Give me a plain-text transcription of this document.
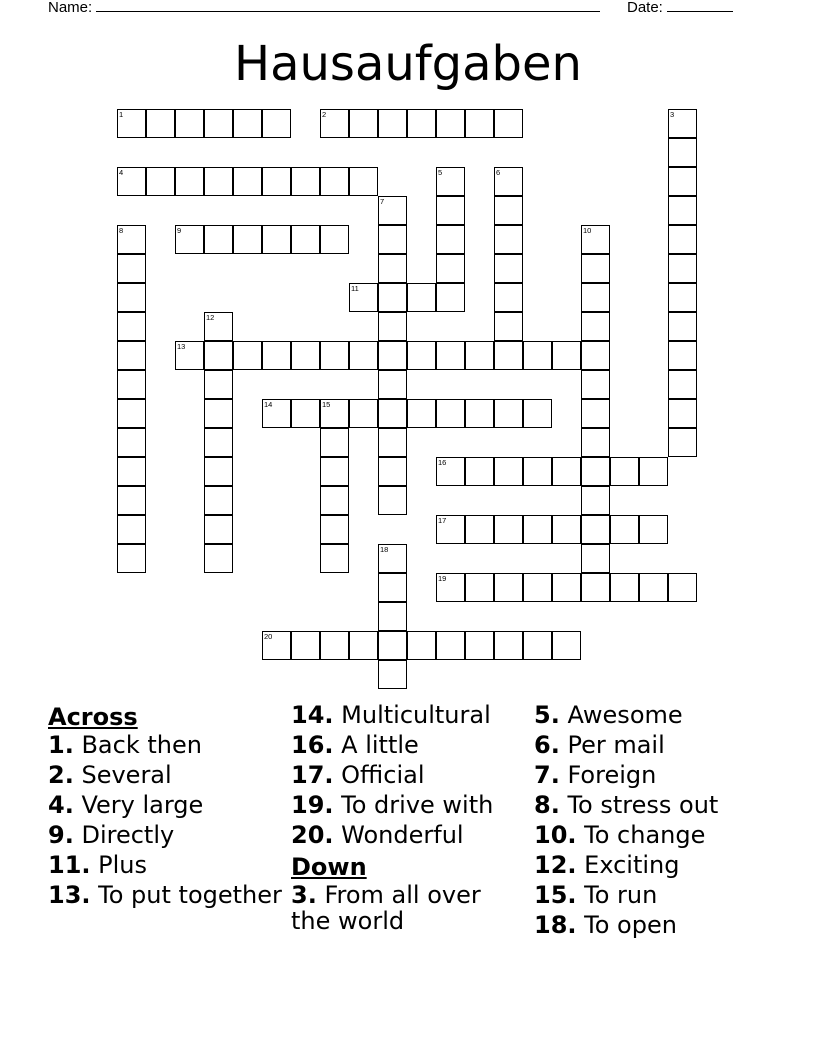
Name:	Date:
Hausaufgaben
1	2	3
4	5	6
7
8	9	10
11
12
13
14	15
16
17
18
19
20
Across
1. Back then
2. Several
4. Very large
9. Directly
11. Plus
13. To put together
14. Multicultural
16. A little
17. Official
19. To drive with
20. Wonderful
Down
3. From all over the world
5. Awesome
6. Per mail
7. Foreign
8. To stress out
10. To change
12. Exciting
15. To run
18. To open
